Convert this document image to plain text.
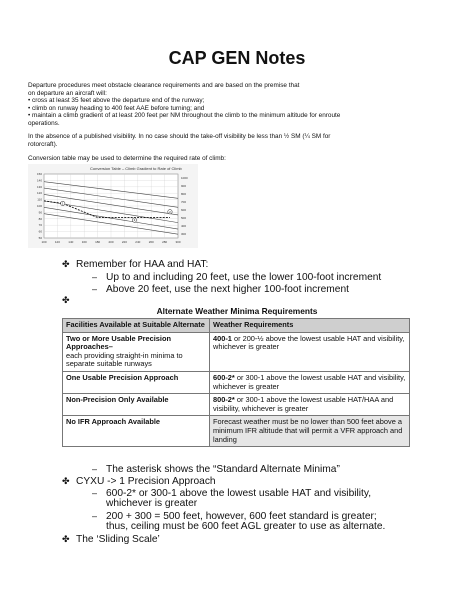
CAP GEN Notes
Departure procedures meet obstacle clearance requirements and are based on the premise that
on departure an aircraft will:
• cross at least 35 feet above the departure end of the runway;
• climb on runway heading to 400 feet AAE before turning; and
• maintain a climb gradient of at least 200 feet per NM throughout the climb to the minimum altitude for enroute
operations.
In the absence of a published visibility. In no case should the take-off visibility be less than ½ SM (¼ SM for
rotorcraft).
Conversion table may be used to determine the required rate of climb:
Conversion Table – Climb Gradient to Rate of Climb
100	120	140	160	180	200	220	240	260	280	300
150
140
130
120
110
100
90
80
70
60
50
1000
900
800
700
600
500
400
300
1
2
3
✤ Remember for HAA and HAT:
– Up to and including 20 feet, use the lower 100-foot increment
– Above 20 feet, use the next higher 100-foot increment
✤
Alternate Weather Minima Requirements
Facilities Available at Suitable Alternate	Weather Requirements

Two or More Usable Precision Approaches–
each providing straight-in minima to separate suitable runways	400-1 or 200-½ above the lowest usable HAT and visibility, whichever is greater

One Usable Precision Approach	600-2* or 300-1 above the lowest usable HAT and visibility, whichever is greater

Non-Precision Only Available	800-2* or 300-1 above the lowest usable HAT/HAA and visibility, whichever is greater

No IFR Approach Available	Forecast weather must be no lower than 500 feet above a minimum IFR altitude that will permit a VFR approach and landing
– The asterisk shows the “Standard Alternate Minima”
✤ CYXU -> 1 Precision Approach
– 600-2* or 300-1 above the lowest usable HAT and visibility,
whichever is greater
– 200 + 300 = 500 feet, however, 600 feet standard is greater;
thus, ceiling must be 600 feet AGL greater to use as alternate.
✤ The ‘Sliding Scale’
